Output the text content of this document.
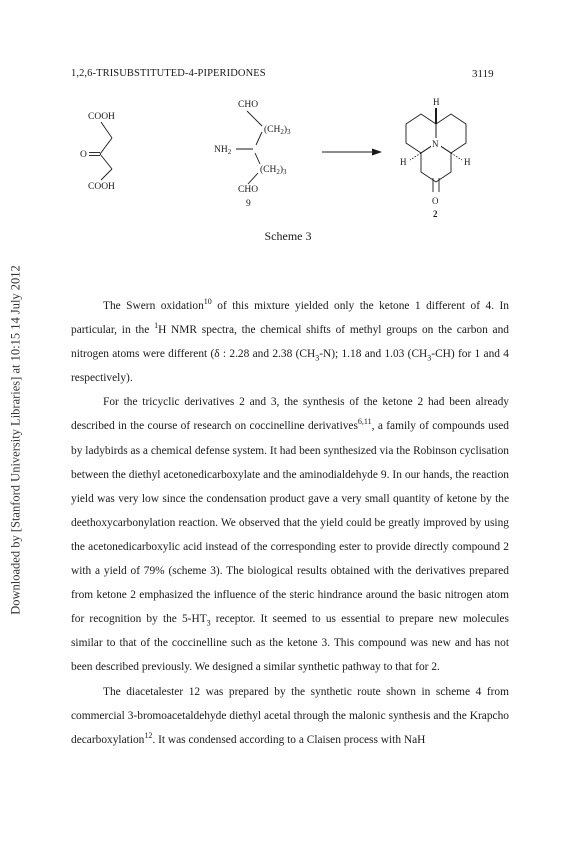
Downloaded by [Stanford University Libraries] at 10:15 14 July 2012
1,2,6-TRISUBSTITUTED-4-PIPERIDONES	3119
COOH
COOH
O
CHO
$(CH_2)_3$
$NH_2$
$(CH_2)_3$
CHO
9
N
H
H	H
O
2
Scheme 3

The Swern oxidation$^{10}$ of this mixture yielded only the ketone 1 different of 4. In particular, in the $^1$H NMR spectra, the chemical shifts of methyl groups on the carbon and nitrogen atoms were different (δ : 2.28 and 2.38 $(CH_3-N)$; 1.18 and 1.03 $(CH_3-CH)$ for 1 and 4 respectively).

For the tricyclic derivatives 2 and 3, the synthesis of the ketone 2 had been already described in the course of research on coccinelline derivatives$^{6,11}$, a family of compounds used by ladybirds as a chemical defense system. It had been synthesized via the Robinson cyclisation between the diethyl acetonedicarboxylate and the aminodialdehyde 9. In our hands, the reaction yield was very low since the condensation product gave a very small quantity of ketone by the deethoxycarbonylation reaction. We observed that the yield could be greatly improved by using the acetonedicarboxylic acid instead of the corresponding ester to provide directly compound 2 with a yield of 79% (scheme 3). The biological results obtained with the derivatives prepared from ketone 2 emphasized the influence of the steric hindrance around the basic nitrogen atom for recognition by the $5-HT_3$ receptor. It seemed to us essential to prepare new molecules similar to that of the coccinelline such as the ketone 3. This compound was new and has not been described previously. We designed a similar synthetic pathway to that for 2.

The diacetalester 12 was prepared by the synthetic route shown in scheme 4 from commercial 3-bromoacetaldehyde diethyl acetal through the malonic synthesis and the Krapcho decarboxylation$^{12}$. It was condensed according to a Claisen process with NaH
